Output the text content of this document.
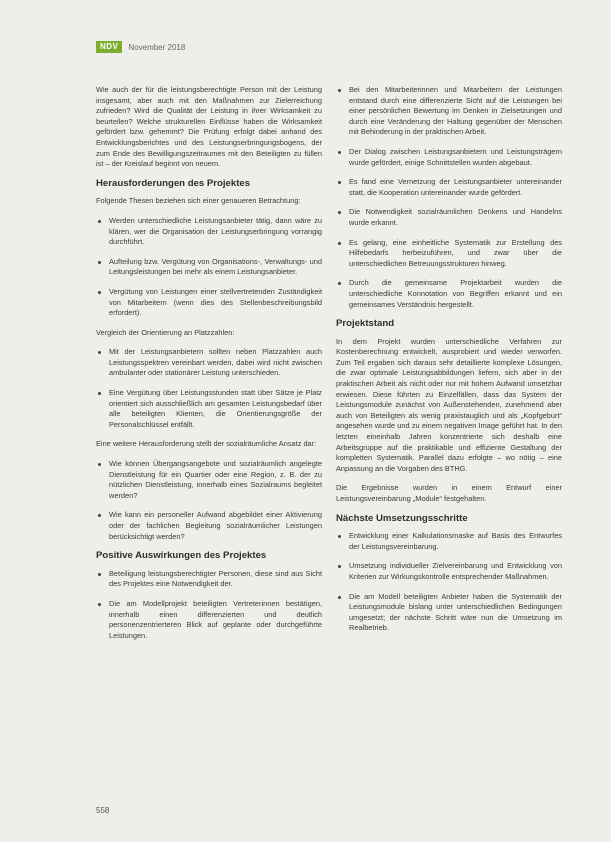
NDV	November 2018

Wie auch der für die leistungsberechtigte Person mit der Leistung insgesamt, aber auch mit den Maßnahmen zur Zielerreichung zufrieden? Wird die Qualität der Leistung in ihrer Wirksamkeit zu beurteilen? Welche strukturellen Einflüsse haben die Wirksamkeit gefördert bzw. gehemmt? Die Prüfung erfolgt dabei anhand des Entwicklungsberichtes und des Leistungserbringungsbogens, der zum Ende des Bewilligungszeitraumes mit den Beteiligten zu füllen ist – der Kreislauf beginnt von neuem.

Herausforderungen des Projektes

Folgende Thesen beziehen sich einer genaueren Betrachtung:

Werden unterschiedliche Leistungsanbieter tätig, dann wäre zu klären, wer die Organisation der Leistungserbringung vorrangig durchführt.
Aufteilung bzw. Vergütung von Organisations-, Verwaltungs- und Leitungsleistungen bei mehr als einem Leistungsanbieter.
Vergütung von Leistungen einer stellvertretenden Zuständigkeit von Mitarbeitern (wenn dies des Stellenbeschreibungsbild erfordert).

Vergleich der Orientierung an Platzzahlen:

Mit der Leistungsanbietern sollten neben Platzzahlen auch Leistungsspektren vereinbart werden, dabei wird nicht zwischen ambulanter oder stationärer Leistung unterschieden.
Eine Vergütung über Leistungsstunden statt über Sätze je Platz orientiert sich ausschließlich am gesamten Leistungsbedarf über alle beteiligten Klienten, die Orientierungsgröße der Personalschlüssel entfällt.

Eine weitere Herausforderung stellt der sozialräumliche Ansatz dar:

Wie können Übergangsangebote und sozialräumlich angelegte Dienstleistung für ein Quartier oder eine Region, z. B. der zu nützlichen Dienstleistung, innerhalb eines Sozialraums begleitet werden?
Wie kann ein personeller Aufwand abgebildet einer Aktivierung oder der fachlichen Begleitung sozialräumlicher Leistungen berücksichtigt werden?
Positive Auswirkungen des Projektes
Beteiligung leistungsberechtigter Personen, diese sind aus Sicht des Projektes eine Notwendigkeit der.
Die am Modellprojekt beteiligten Vertreterinnen bestätigen, innerhalb einen differenzierten und deutlich personenzentrierteren Blick auf geplante oder durchgeführte Leistungen.
Bei den Mitarbeiterinnen und Mitarbeitern der Leistungen entstand durch eine differenzierte Sicht auf die Leistungen bei einer persönlichen Bewertung im Denken in Zielsetzungen und durch eine Veränderung der Haltung gegenüber der Menschen mit Behinderung in der praktischen Arbeit.
Der Dialog zwischen Leistungsanbietern und Leistungsträgern wurde gefördert, einige Schnittstellen wurden abgebaut.
Es fand eine Vernetzung der Leistungsanbieter untereinander statt, die Kooperation untereinander wurde gefördert.
Die Notwendigkeit sozialräumlichen Denkens und Handelns wurde erkannt.
Es gelang, eine einheitliche Systematik zur Erstellung des Hilfebedarfs herbeizuführen, und zwar über die unterschiedlichen Betreuungsstrukturen hinweg.
Durch die gemeinsame Projektarbeit wurden die unterschiedliche Konnotation von Begriffen erkannt und ein gemeinsames Verständnis hergestellt.
Projektstand

In dem Projekt wurden unterschiedliche Verfahren zur Kostenberechnung entwickelt, ausprobiert und wieder verworfen. Zum Teil ergaben sich daraus sehr detaillierte komplexe Lösungen, die zwar optimale Leistungsabbildungen liefern, sich aber in der praktischen Arbeit als nicht oder nur mit hohem Aufwand umsetzbar erwiesen. Diese führten zu Einzelfällen, dass das System der Leistungsmodule zunächst von Außenstehenden, zunehmend aber auch von Beteiligten als wenig praxistauglich und als „Kopfgeburt“ angesehen wurde und zu einem negativen Image geführt hat. In den letzten eineinhalb Jahren konzentrierte sich deshalb eine Arbeitsgruppe auf die praktikable und effiziente Gestaltung der kompletten Systematik. Parallel dazu erfolgte – wo nötig – eine Anpassung an die Vorgaben des BTHG.

Die Ergebnisse wurden in einem Entwurf einer Leistungsvereinbarung „Module“ festgehalten.

Nächste Umsetzungsschritte
Entwicklung einer Kalkulationsmaske auf Basis des Entwurfes der Leistungsvereinbarung.
Umsetzung individueller Zielvereinbarung und Entwicklung von Kriterien zur Wirkungskontrolle entsprechender Maßnahmen.
Die am Modell beteiligten Anbieter haben die Systematik der Leistungsmodule bislang unter unterschiedlichen Bedingungen umgesetzt; der nächste Schritt wäre nun die Umsetzung im Realbetrieb.
558
